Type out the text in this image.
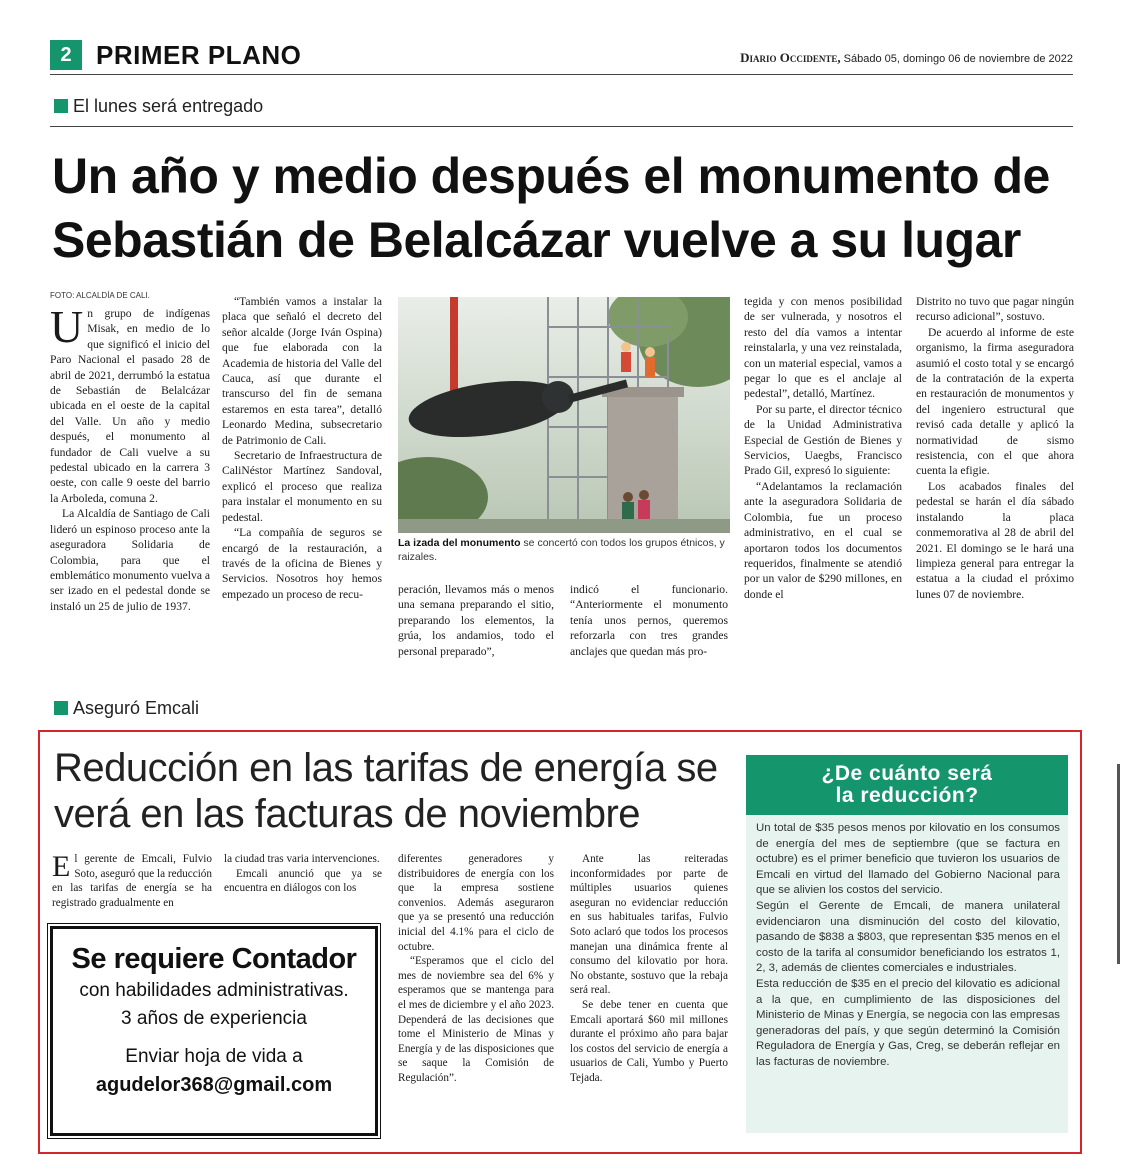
2 PRIMER PLANO	Diario Occidente, Sábado 05, domingo 06 de noviembre de 2022
El lunes será entregado
Un año y medio después el monumento de Sebastián de Belalcázar vuelve a su lugar
FOTO: ALCALDÍA DE CALI.

Un grupo de indígenas Misak, en medio de lo que significó el inicio del Paro Nacional el pasado 28 de abril de 2021, derrumbó la estatua de Sebastián de Belalcázar ubicada en el oeste de la capital del Valle. Un año y medio después, el monumento al fundador de Cali vuelve a su pedestal ubicado en la carrera 3 oeste, con calle 9 oeste del barrio la Arboleda, comuna 2.

La Alcaldía de Santiago de Cali lideró un espinoso proceso ante la aseguradora Solidaria de Colombia, para que el emblemático monumento vuelva a ser izado en el pedestal donde se instaló un 25 de julio de 1937.

“También vamos a instalar la placa que señaló el decreto del señor alcalde (Jorge Iván Ospina) que fue elaborada con la Academia de historia del Valle del Cauca, así que durante el transcurso del fin de semana estaremos en esta tarea”, detalló Leonardo Medina, subsecretario de Patrimonio de Cali.

Secretario de Infraestructura de CaliNéstor Martínez Sandoval, explicó el proceso que realiza para instalar el monumento en su pedestal.

“La compañía de seguros se encargó de la restauración, a través de la oficina de Bienes y Servicios. Nosotros hoy hemos empezado un proceso de recu-

La izada del monumento se concertó con todos los grupos étnicos, y raizales.

peración, llevamos más o menos una semana preparando el sitio, preparando los elementos, la grúa, los andamios, todo el personal preparado”,

indicó el funcionario. “Anteriormente el monumento tenía unos pernos, queremos reforzarla con tres grandes anclajes que quedan más pro-

tegida y con menos posibilidad de ser vulnerada, y nosotros el resto del día vamos a intentar reinstalarla, y una vez reinstalada, con un material especial, vamos a pegar lo que es el anclaje al pedestal”, detalló, Martínez.

Por su parte, el director técnico de la Unidad Administrativa Especial de Gestión de Bienes y Servicios, Uaegbs, Francisco Prado Gil, expresó lo siguiente:

“Adelantamos la reclamación ante la aseguradora Solidaria de Colombia, fue un proceso administrativo, en el cual se aportaron todos los documentos requeridos, finalmente se atendió por un valor de $290 millones, en donde el

Distrito no tuvo que pagar ningún recurso adicional”, sostuvo.

De acuerdo al informe de este organismo, la firma aseguradora asumió el costo total y se encargó de la contratación de la experta en restauración de monumentos y del ingeniero estructural que revisó cada detalle y aplicó la normatividad de sismo resistencia, con el que ahora cuenta la efigie.

Los acabados finales del pedestal se harán el día sábado instalando la placa conmemorativa al 28 de abril del 2021. El domingo se le hará una limpieza general para entregar la estatua a la ciudad el próximo lunes 07 de noviembre.

Aseguró Emcali
Reducción en las tarifas de energía se verá en las facturas de noviembre

El gerente de Emcali, Fulvio Soto, aseguró que la reducción en las tarifas de energía se ha registrado gradualmente en

la ciudad tras varia intervenciones.

Emcali anunció que ya se encuentra en diálogos con los

diferentes generadores y distribuidores de energía con los que la empresa sostiene convenios. Además aseguraron que ya se presentó una reducción inicial del 4.1% para el ciclo de octubre.

“Esperamos que el ciclo del mes de noviembre sea del 6% y esperamos que se mantenga para el mes de diciembre y el año 2023. Dependerá de las decisiones que tome el Ministerio de Minas y Energía y de las disposiciones que se saque la Comisión de Regulación”.

Ante las reiteradas inconformidades por parte de múltiples usuarios quienes aseguran no evidenciar reducción en sus habituales tarifas, Fulvio Soto aclaró que todos los procesos manejan una dinámica frente al consumo del kilovatio por hora. No obstante, sostuvo que la rebaja será real.

Se debe tener en cuenta que Emcali aportará $60 mil millones durante el próximo año para bajar los costos del servicio de energía a usuarios de Cali, Yumbo y Puerto Tejada.

Se requiere Contador
con habilidades administrativas.
3 años de experiencia
Enviar hoja de vida a
agudelor368@gmail.com
¿De cuánto será
la reducción?

Un total de $35 pesos menos por kilovatio en los consumos de energía del mes de septiembre (que se factura en octubre) es el primer beneficio que tuvieron los usuarios de Emcali en virtud del llamado del Gobierno Nacional para que se alivien los costos del servicio.

Según el Gerente de Emcali, de manera unilateral evidenciaron una disminución del costo del kilovatio, pasando de $838 a $803, que representan $35 menos en el costo de la tarifa al consumidor beneficiando los estratos 1, 2, 3, además de clientes comerciales e industriales.

Esta reducción de $35 en el precio del kilovatio es adicional a la que, en cumplimiento de las disposiciones del Ministerio de Minas y Energía, se negocia con las empresas generadoras del país, y que según determinó la Comisión Reguladora de Energía y Gas, Creg, se deberán reflejar en las facturas de noviembre.
